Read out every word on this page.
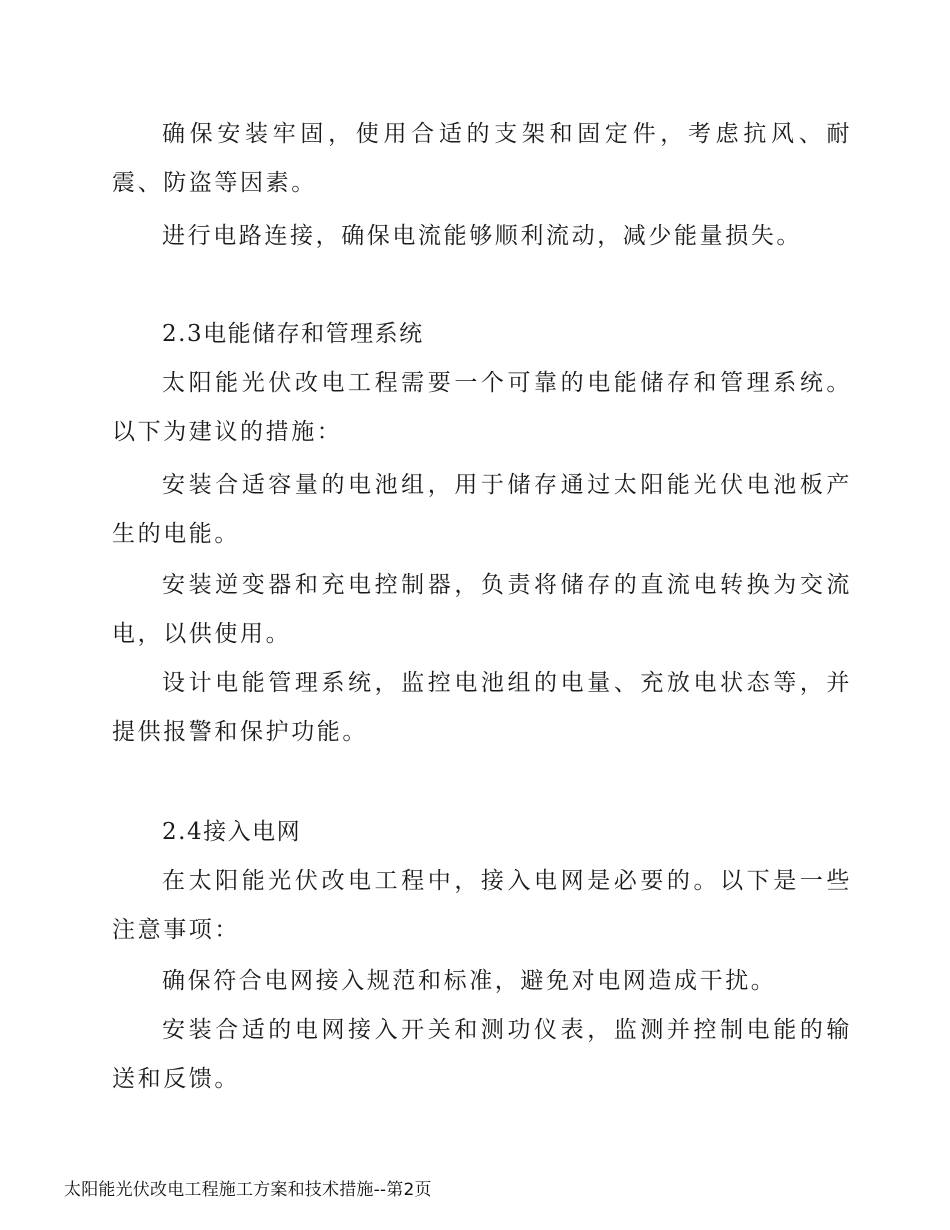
确保安装牢固，使用合适的支架和固定件，考虑抗风、耐震、防盗等因素。

进行电路连接，确保电流能够顺利流动，减少能量损失。

2.3电能储存和管理系统

太阳能光伏改电工程需要一个可靠的电能储存和管理系统。以下为建议的措施：

安装合适容量的电池组，用于储存通过太阳能光伏电池板产生的电能。

安装逆变器和充电控制器，负责将储存的直流电转换为交流电，以供使用。

设计电能管理系统，监控电池组的电量、充放电状态等，并提供报警和保护功能。

2.4接入电网

在太阳能光伏改电工程中，接入电网是必要的。以下是一些注意事项：

确保符合电网接入规范和标准，避免对电网造成干扰。

安装合适的电网接入开关和测功仪表，监测并控制电能的输送和反馈。

太阳能光伏改电工程施工方案和技术措施--第2页
